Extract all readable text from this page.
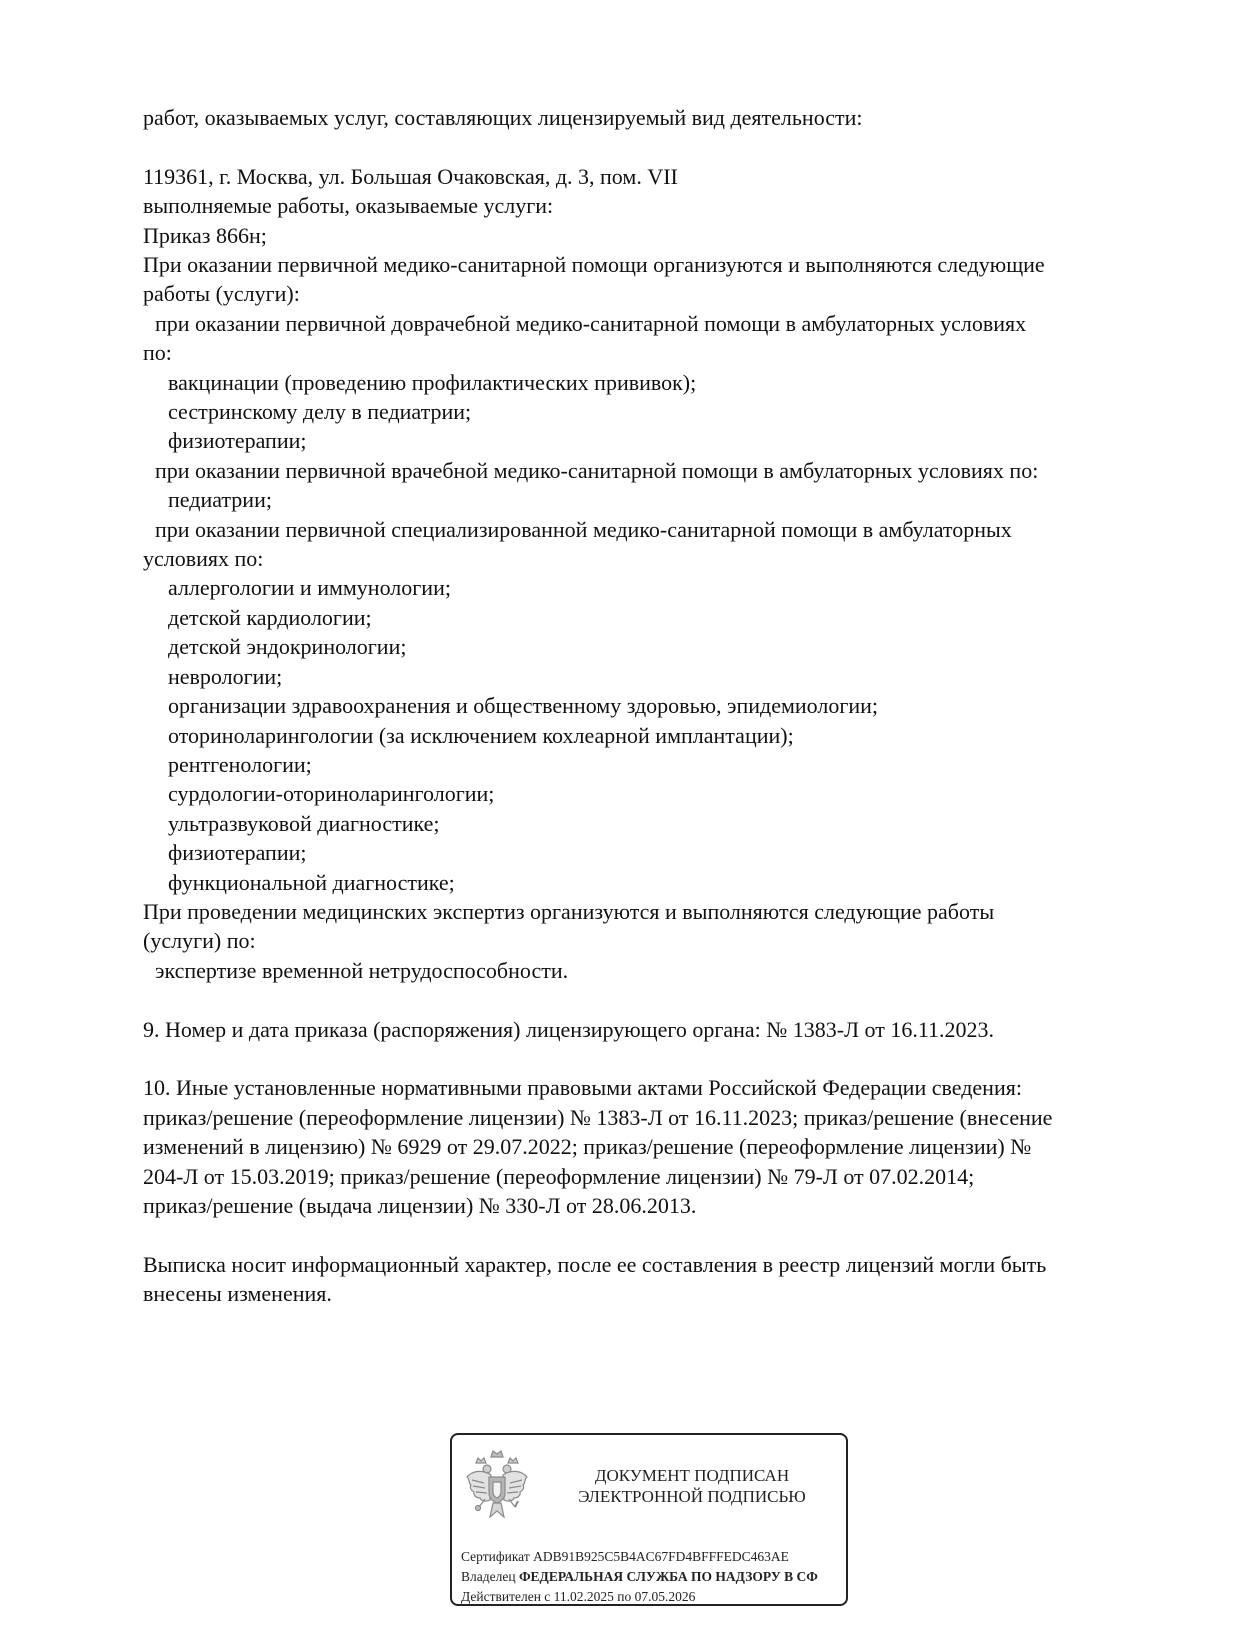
работ, оказываемых услуг, составляющих лицензируемый вид деятельности:
119361, г. Москва, ул. Большая Очаковская, д. 3, пом. VII
выполняемые работы, оказываемые услуги:
Приказ 866н;
При оказании первичной медико-санитарной помощи организуются и выполняются следующие
работы (услуги):
при оказании первичной доврачебной медико-санитарной помощи в амбулаторных условиях
по:
вакцинации (проведению профилактических прививок);
сестринскому делу в педиатрии;
физиотерапии;
при оказании первичной врачебной медико-санитарной помощи в амбулаторных условиях по:
педиатрии;
при оказании первичной специализированной медико-санитарной помощи в амбулаторных
условиях по:
аллергологии и иммунологии;
детской кардиологии;
детской эндокринологии;
неврологии;
организации здравоохранения и общественному здоровью, эпидемиологии;
оториноларингологии (за исключением кохлеарной имплантации);
рентгенологии;
сурдологии-оториноларингологии;
ультразвуковой диагностике;
физиотерапии;
функциональной диагностике;
При проведении медицинских экспертиз организуются и выполняются следующие работы
(услуги) по:
экспертизе временной нетрудоспособности.
9. Номер и дата приказа (распоряжения) лицензирующего органа: № 1383-Л от 16.11.2023.
10. Иные установленные нормативными правовыми актами Российской Федерации сведения:
приказ/решение (переоформление лицензии) № 1383-Л от 16.11.2023; приказ/решение (внесение
изменений в лицензию) № 6929 от 29.07.2022; приказ/решение (переоформление лицензии) №
204-Л от 15.03.2019; приказ/решение (переоформление лицензии) № 79-Л от 07.02.2014;
приказ/решение (выдача лицензии) № 330-Л от 28.06.2013.
Выписка носит информационный характер, после ее составления в реестр лицензий могли быть
внесены изменения.
ДОКУМЕНТ ПОДПИСАН
ЭЛЕКТРОННОЙ ПОДПИСЬЮ
Сертификат ADB91B925C5B4AC67FD4BFFFEDC463AE
Владелец ФЕДЕРАЛЬНАЯ СЛУЖБА ПО НАДЗОРУ В СФ
Действителен с 11.02.2025 по 07.05.2026
